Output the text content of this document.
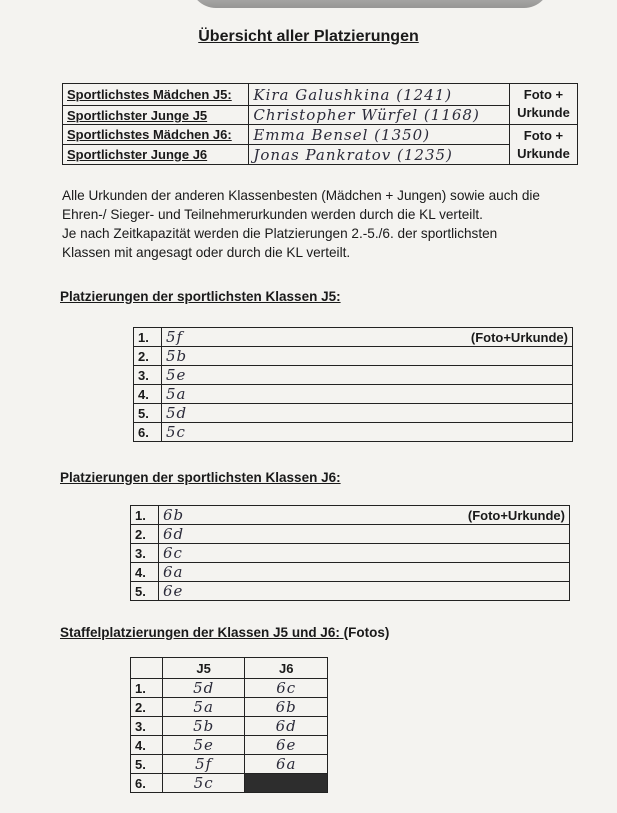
Übersicht aller Platzierungen
Sportlichstes Mädchen J5:	Kira Galushkina (1241)	Foto + Urkunde
Sportlichster Junge J5	Christopher Würfel (1168)	
Sportlichstes Mädchen J6:	Emma Bensel (1350)	Foto + Urkunde
Sportlichster Junge J6	Jonas Pankratov (1235)	

Alle Urkunden der anderen Klassenbesten (Mädchen + Jungen) sowie auch die

Ehren-/ Sieger- und Teilnehmerurkunden werden durch die KL verteilt.

Je nach Zeitkapazität werden die Platzierungen 2.-5./6. der sportlichsten

Klassen mit angesagt oder durch die KL verteilt.

Platzierungen der sportlichsten Klassen J5:
1.	5f (Foto+Urkunde)

2.	5b
3.	5e
4.	5a
5.	5d
6.	5c
Platzierungen der sportlichsten Klassen J6:
1.	6b (Foto+Urkunde)

2.	6d
3.	6c
4.	6a
5.	6e
Staffelplatzierungen der Klassen J5 und J6: (Fotos)
	J5	J6
1.	5d	6c
2.	5a	6b
3.	5b	6d
4.	5e	6e
5.	5f	6a
6.	5c	
